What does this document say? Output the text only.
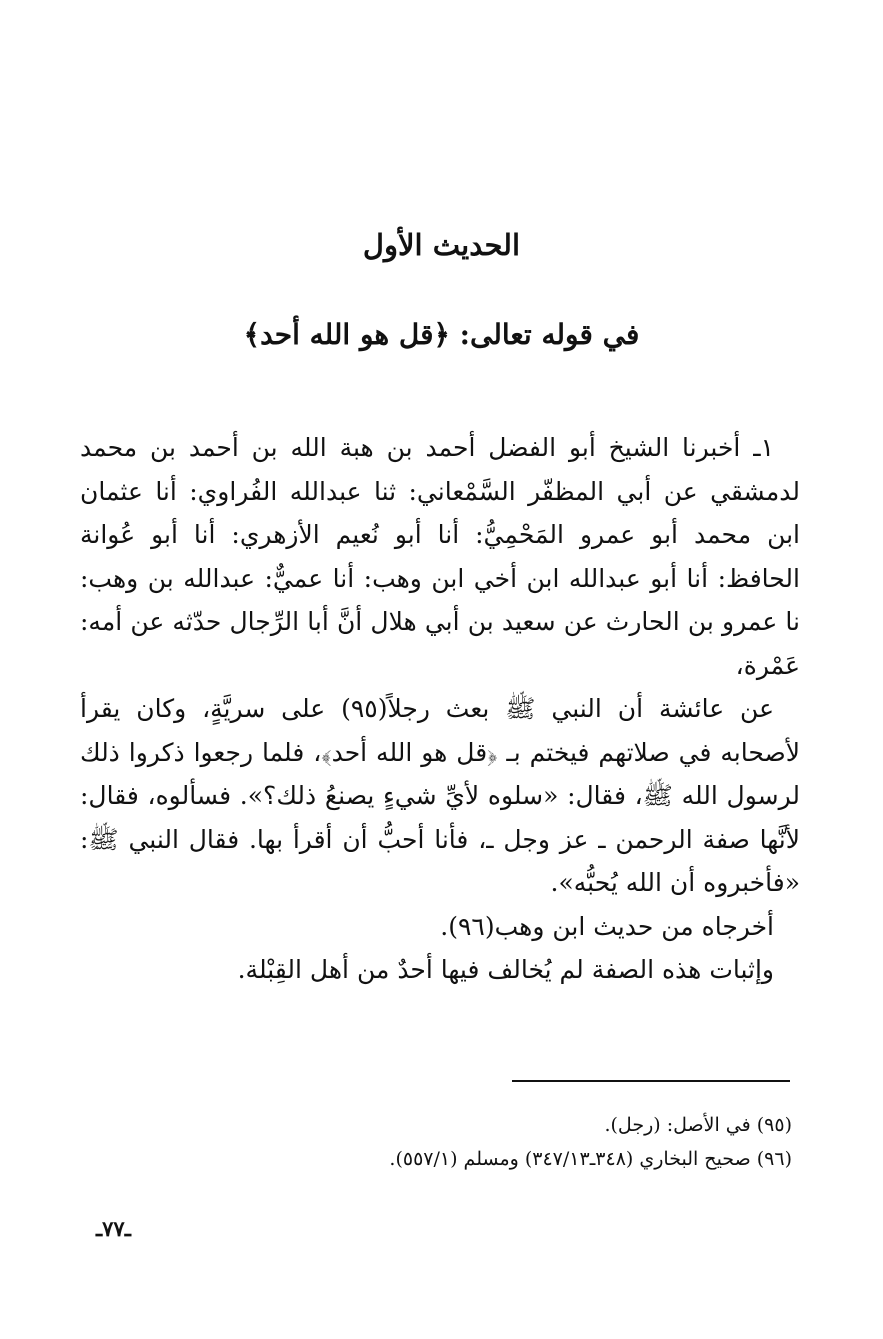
الحديث الأول
في قوله تعالى: ﴿قل هو الله أحد﴾

١ـ أخبرنا الشيخ أبو الفضل أحمد بن هبة الله بن أحمد بن محمد لدمشقي عن أبي المظفّر السَّمْعاني: ثنا عبدالله الفُراوي: أنا عثمان ابن محمد أبو عمرو المَحْمِيُّ: أنا أبو نُعيم الأزهري: أنا أبو عُوانة الحافظ: أنا أبو عبدالله ابن أخي ابن وهب: أنا عميٌّ: عبدالله بن وهب: نا عمرو بن الحارث عن سعيد بن أبي هلال أنَّ أبا الرِّجال حدّثه عن أمه: عَمْرة،

عن عائشة أن النبي ﷺ بعث رجلاً(٩٥) على سريَّةٍ، وكان يقرأ لأصحابه في صلاتهم فيختم بـ ﴿قل هو الله أحد﴾، فلما رجعوا ذكروا ذلك لرسول الله ﷺ، فقال: «سلوه لأيِّ شيءٍ يصنعُ ذلك؟». فسألوه، فقال: لأنَّها صفة الرحمن ـ عز وجل ـ، فأنا أحبُّ أن أقرأ بها. فقال النبي ﷺ: «فأخبروه أن الله يُحبُّه».

أخرجاه من حديث ابن وهب(٩٦).

وإثبات هذه الصفة لم يُخالف فيها أحدٌ من أهل القِبْلة.

(٩٥) في الأصل: (رجل).
(٩٦) صحيح البخاري (٣٤٨ـ٣٤٧/١٣) ومسلم (٥٥٧/١).
ـ٧٧ـ
